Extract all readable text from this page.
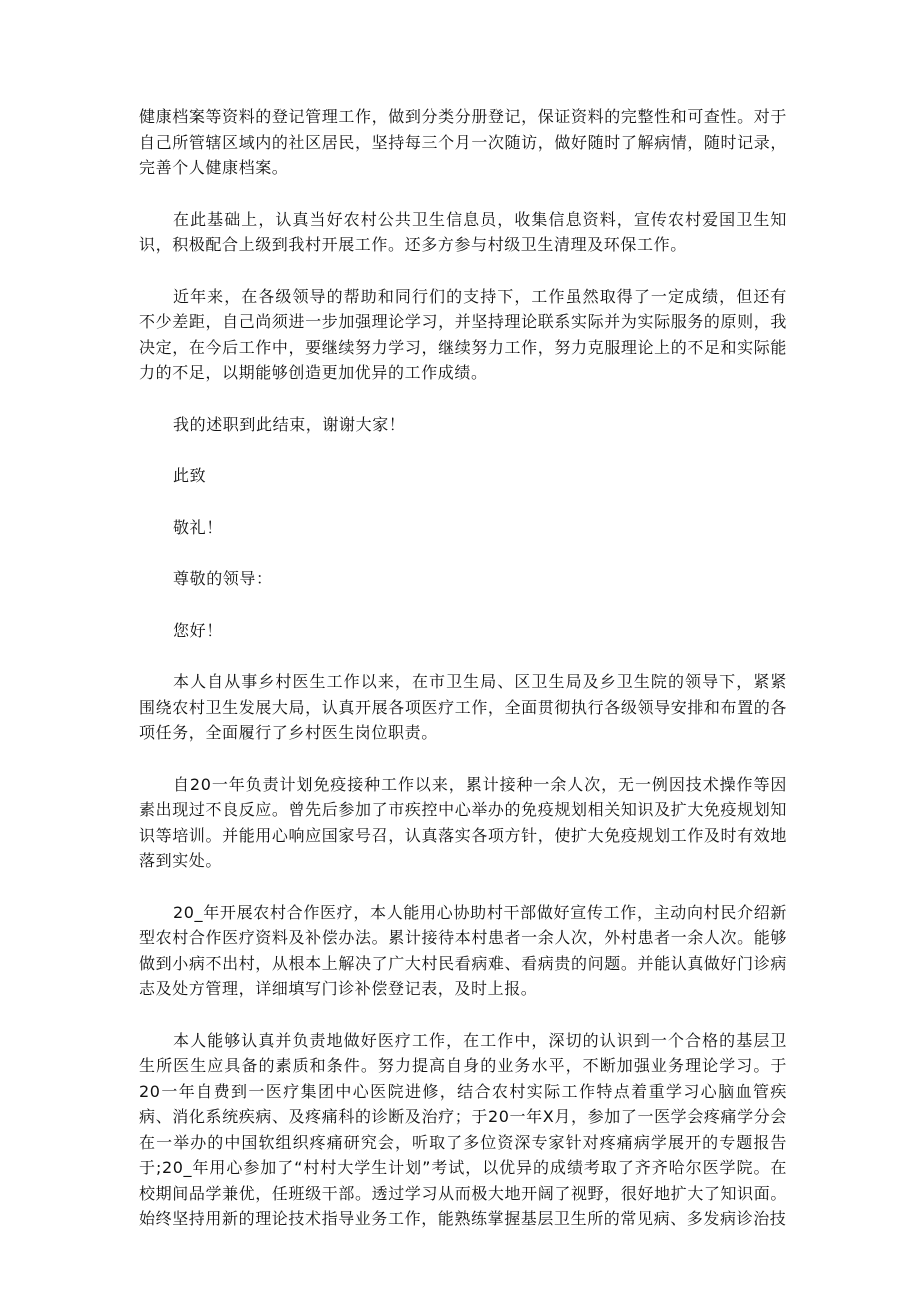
健康档案等资料的登记管理工作，做到分类分册登记，保证资料的完整性和可查性。对于自己所管辖区域内的社区居民，坚持每三个月一次随访，做好随时了解病情，随时记录，完善个人健康档案。

在此基础上，认真当好农村公共卫生信息员，收集信息资料，宣传农村爱国卫生知识，积极配合上级到我村开展工作。还多方参与村级卫生清理及环保工作。

近年来，在各级领导的帮助和同行们的支持下，工作虽然取得了一定成绩，但还有不少差距，自己尚须进一步加强理论学习，并坚持理论联系实际并为实际服务的原则，我决定，在今后工作中，要继续努力学习，继续努力工作，努力克服理论上的不足和实际能力的不足，以期能够创造更加优异的工作成绩。

我的述职到此结束，谢谢大家！

此致

敬礼！

尊敬的领导：

您好！

本人自从事乡村医生工作以来，在市卫生局、区卫生局及乡卫生院的领导下，紧紧围绕农村卫生发展大局，认真开展各项医疗工作，全面贯彻执行各级领导安排和布置的各项任务，全面履行了乡村医生岗位职责。

自20一年负责计划免疫接种工作以来，累计接种一余人次，无一例因技术操作等因素出现过不良反应。曾先后参加了市疾控中心举办的免疫规划相关知识及扩大免疫规划知识等培训。并能用心响应国家号召，认真落实各项方针，使扩大免疫规划工作及时有效地落到实处。

20_年开展农村合作医疗，本人能用心协助村干部做好宣传工作，主动向村民介绍新型农村合作医疗资料及补偿办法。累计接待本村患者一余人次，外村患者一余人次。能够做到小病不出村，从根本上解决了广大村民看病难、看病贵的问题。并能认真做好门诊病志及处方管理，详细填写门诊补偿登记表，及时上报。

本人能够认真并负责地做好医疗工作，在工作中，深切的认识到一个合格的基层卫生所医生应具备的素质和条件。努力提高自身的业务水平，不断加强业务理论学习。于20一年自费到一医疗集团中心医院进修，结合农村实际工作特点着重学习心脑血管疾病、消化系统疾病、及疼痛科的诊断及治疗；于20一年X月，参加了一医学会疼痛学分会在一举办的中国软组织疼痛研究会，听取了多位资深专家针对疼痛病学展开的专题报告于;20_年用心参加了“村村大学生计划”考试，以优异的成绩考取了齐齐哈尔医学院。在校期间品学兼优，任班级干部。透过学习从而极大地开阔了视野，很好地扩大了知识面。始终坚持用新的理论技术指导业务工作，能熟练掌握基层卫生所的常见病、多发病诊治技
